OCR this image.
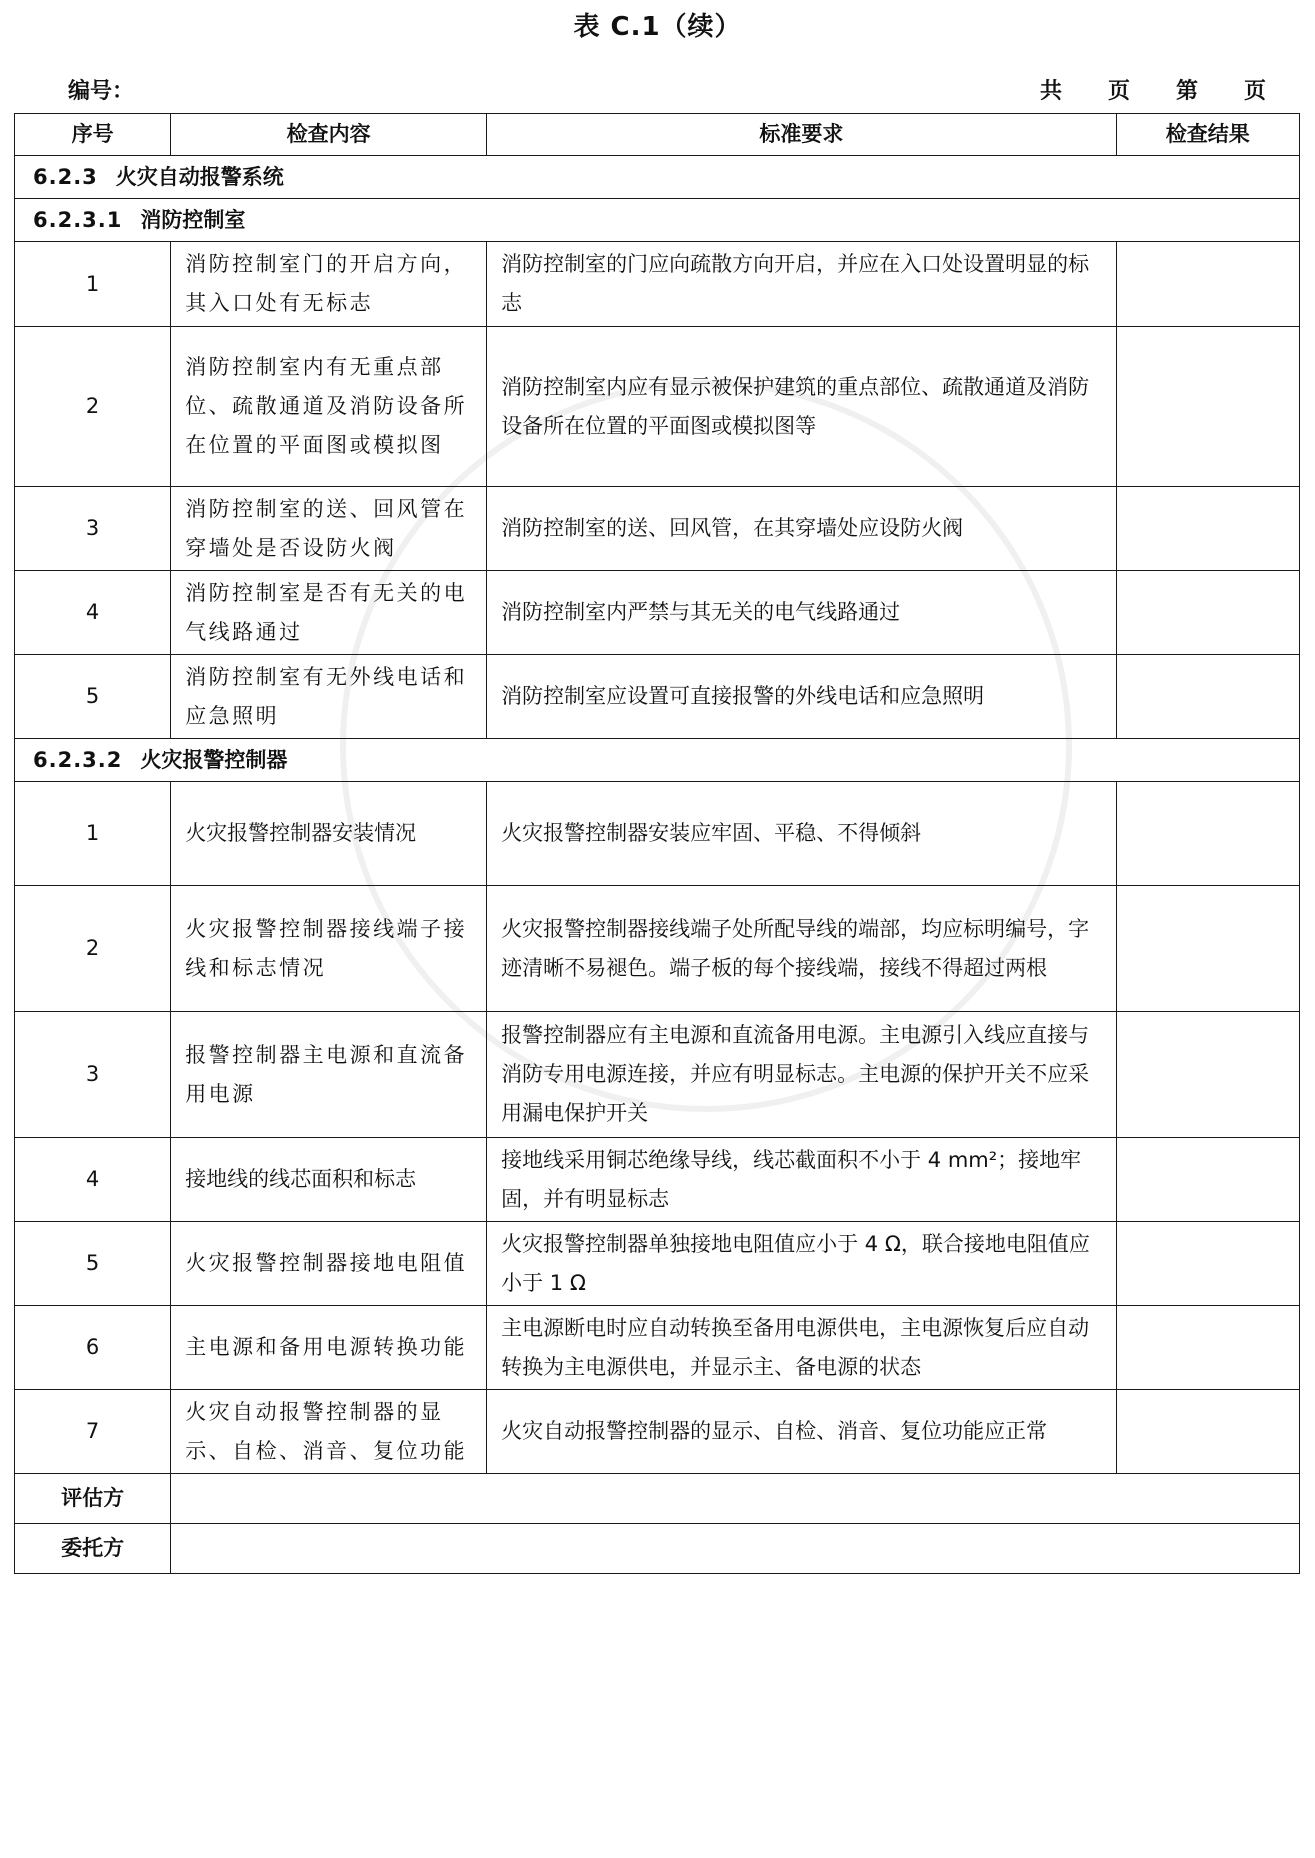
表 C.1（续）
编号：	共 页 第 页
序号	检查内容	标准要求	检查结果
6.2.3 火灾自动报警系统			
6.2.3.1 消防控制室			
1	消防控制室门的开启方向，其入口处有无标志	消防控制室的门应向疏散方向开启，并应在入口处设置明显的标志	
2	消防控制室内有无重点部位、疏散通道及消防设备所在位置的平面图或模拟图	消防控制室内应有显示被保护建筑的重点部位、疏散通道及消防设备所在位置的平面图或模拟图等	
3	消防控制室的送、回风管在穿墙处是否设防火阀	消防控制室的送、回风管，在其穿墙处应设防火阀	
4	消防控制室是否有无关的电气线路通过	消防控制室内严禁与其无关的电气线路通过	
5	消防控制室有无外线电话和应急照明	消防控制室应设置可直接报警的外线电话和应急照明	
6.2.3.2 火灾报警控制器			
1	火灾报警控制器安装情况	火灾报警控制器安装应牢固、平稳、不得倾斜	
2	火灾报警控制器接线端子接线和标志情况	火灾报警控制器接线端子处所配导线的端部，均应标明编号，字迹清晰不易褪色。端子板的每个接线端，接线不得超过两根	
3	报警控制器主电源和直流备用电源	报警控制器应有主电源和直流备用电源。主电源引入线应直接与消防专用电源连接，并应有明显标志。主电源的保护开关不应采用漏电保护开关	
4	接地线的线芯面积和标志	接地线采用铜芯绝缘导线，线芯截面积不小于 4 mm²；接地牢固，并有明显标志	
5	火灾报警控制器接地电阻值	火灾报警控制器单独接地电阻值应小于 4 Ω，联合接地电阻值应小于 1 Ω	
6	主电源和备用电源转换功能	主电源断电时应自动转换至备用电源供电，主电源恢复后应自动转换为主电源供电，并显示主、备电源的状态	
7	火灾自动报警控制器的显示、自检、消音、复位功能	火灾自动报警控制器的显示、自检、消音、复位功能应正常	
评估方			
委托方			
